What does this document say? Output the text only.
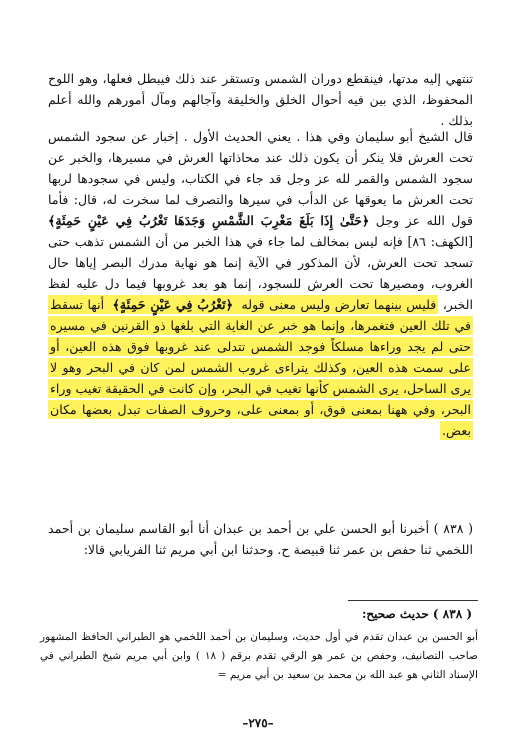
تنتهي إليه مدتها، فينقطع دوران الشمس وتستقر عند ذلك فيبطل فعلها، وهو اللوح المحفوظ، الذي بين فيه أحوال الخلق والخليقة وآجالهم ومآل أمورهم والله أعلم بذلك .
قال الشيخ أبو سليمان وفي هذا . يعني الحديث الأول . إخبار عن سجود الشمس تحت العرش فلا ينكر أن يكون ذلك عند محاذاتها العرش في مسيرها، والخبر عن سجود الشمس والقمر لله عز وجل قد جاء في الكتاب، وليس في سجودها لربها تحت العرش ما يعوقها عن الدأب في سيرها والتصرف لما سخرت له، قال: فأما قول الله عز وجل ﴿حَتَّىٰ إِذَا بَلَغَ مَغْرِبَ الشَّمْسِ وَجَدَهَا تَغْرُبُ فِي عَيْنٍ حَمِئَةٍ﴾ [الكهف: ٨٦] فإنه ليس بمخالف لما جاء في هذا الخبر من أن الشمس تذهب حتى تسجد تحت العرش، لأن المذكور في الآية إنما هو نهاية مدرك البصر إياها حال الغروب، ومصيرها تحت العرش للسجود، إنما هو بعد غروبها فيما دل عليه لفظ الخبر، فليس بينهما تعارض وليس معنى قوله ﴿تَغْرُبُ فِي عَيْنٍ حَمِئَةٍ﴾ أنها تسقط في تلك العين فتغمرها، وإنما هو خبر عن الغاية التي بلغها ذو القرنين في مسيره حتى لم يجد وراءها مسلكاً فوجد الشمس تتدلى عند غروبها فوق هذه العين، أو على سمت هذه العين، وكذلك يتراءى غروب الشمس لمن كان في البحر وهو لا يرى الساحل، يرى الشمس كأنها تغيب في البحر، وإن كانت في الحقيقة تغيب وراء البحر، وفي ههنا بمعنى فوق، أو بمعنى على، وحروف الصفات تبدل بعضها مكان بعض.
( ٨٣٨ ) أخبرنا أبو الحسن علي بن أحمد بن عبدان أنا أبو القاسم سليمان بن أحمد اللخمي ثنا حفص بن عمر ثنا قبيصة ح. وحدثنا ابن أبي مريم ثنا الفريابي قالا:
( ٨٣٨ ) حديث صحيح:
أبو الحسن بن عبدان تقدم في أول حديث، وسليمان بن أحمد اللخمي هو الطبراني الحافظ المشهور صاحب التصانيف، وحفص بن عمر هو الرقي تقدم برقم ( ١٨ ) وابن أبي مريم شيخ الطبراني في الإسناد الثاني هو عبد الله بن محمد بن سعيد بن أبي مريم =
–٢٧٥–
